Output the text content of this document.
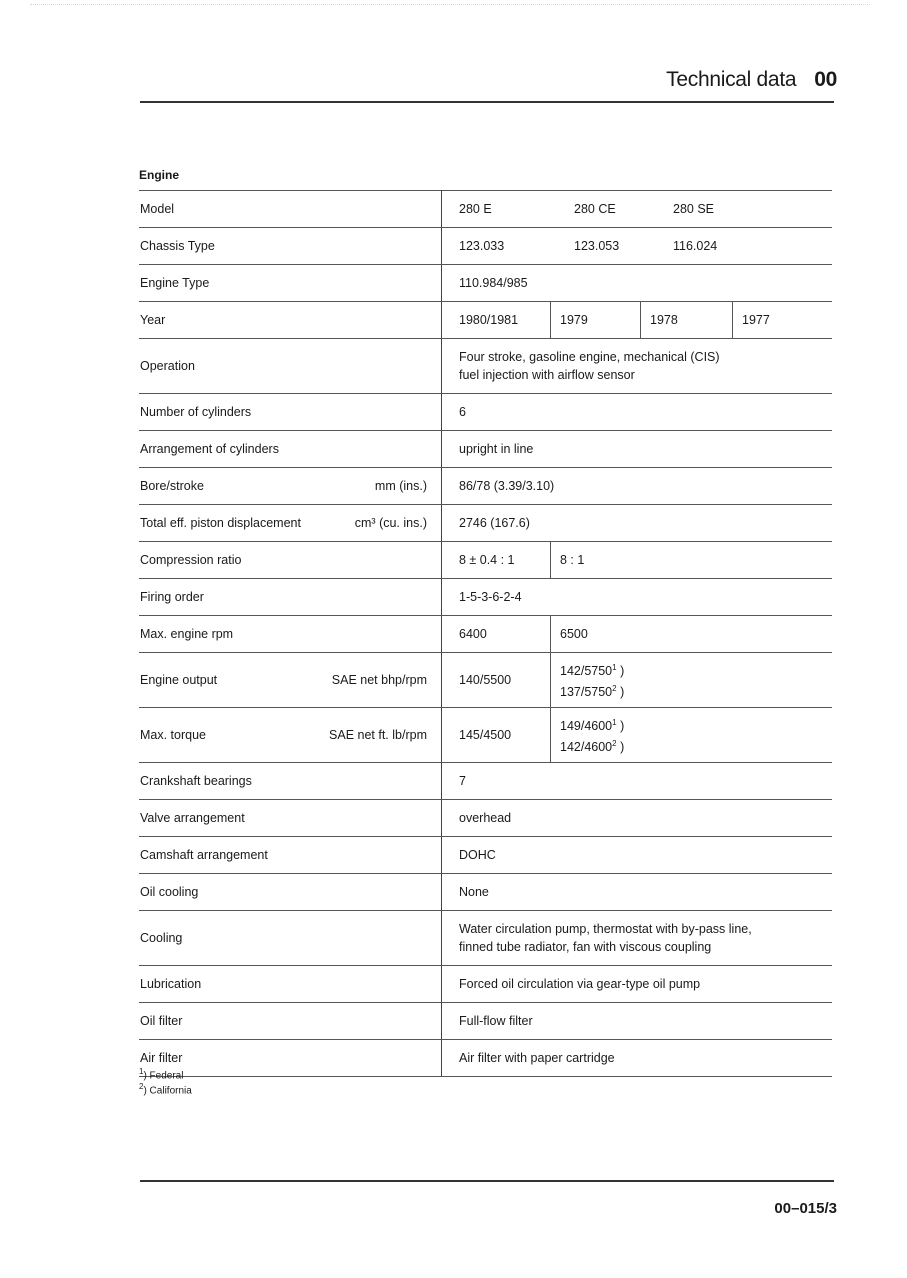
Technical data 00
Engine
Model	280 E 280 CE 280 SE

Chassis Type	123.033 123.053 116.024

Engine Type	110.984/985

Year	1980/1981 1979 1978 1977

Operation	Four stroke, gasoline engine, mechanical (CIS)
fuel injection with airflow sensor

Number of cylinders	6

Arrangement of cylinders	upright in line

Bore/stroke mm (ins.)	86/78 (3.39/3.10)

Total eff. piston displacement cm³ (cu. ins.)	2746 (167.6)

Compression ratio	8 ± 0.4 : 1 8 : 1

Firing order	1-5-3-6-2-4

Max. engine rpm	6400 6500

Engine output	SAE net bhp/rpm	140/5500
142/5750$^1$ )
137/5750$^2$ )

Max. torque	SAE net ft. lb/rpm	145/4500
149/4600$^1$ )
142/4600$^2$ )

Crankshaft bearings	7

Valve arrangement	overhead

Camshaft arrangement	DOHC

Oil cooling	None

Cooling	Water circulation pump, thermostat with by-pass line,
finned tube radiator, fan with viscous coupling

Lubrication	Forced oil circulation via gear-type oil pump

Oil filter	Full-flow filter

Air filter	Air filter with paper cartridge
$^1$) Federal
$^2$) California
00–015/3
